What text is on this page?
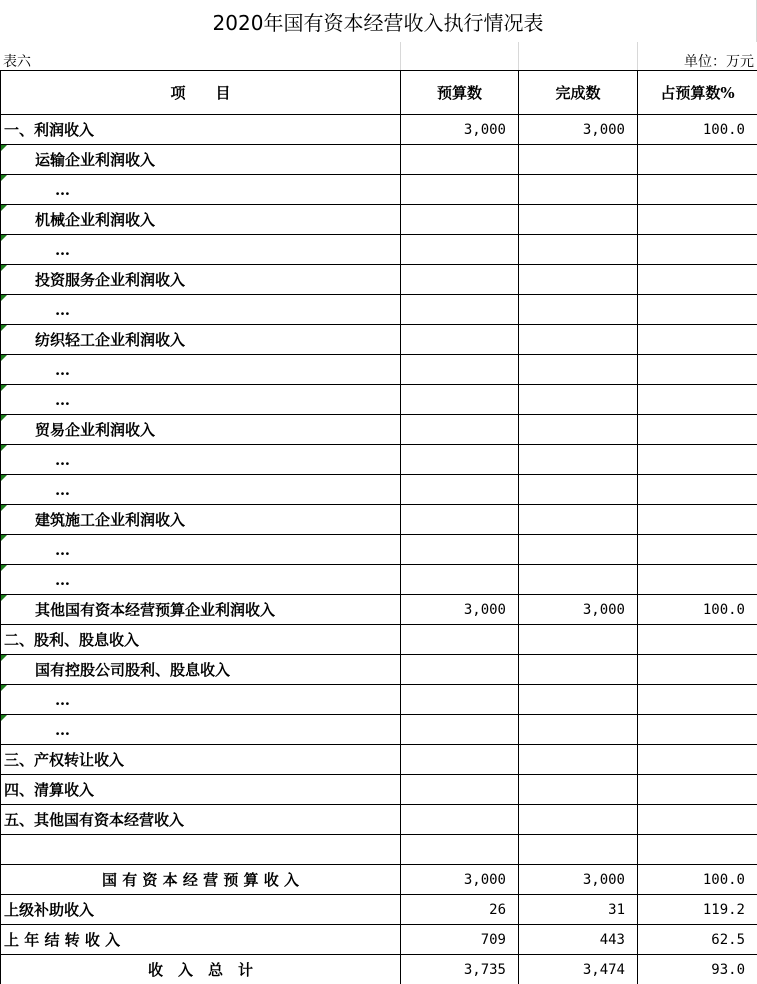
2020年国有资本经营收入执行情况表
表六	单位：万元
项　　目	预算数	完成数	占预算数%
一、利润收入	3,000	3,000	100.0

运输企业利润收入			

…			

机械企业利润收入			

…			

投资服务企业利润收入			

…			

纺织轻工企业利润收入			

…			

…			

贸易企业利润收入			

…			

…			

建筑施工企业利润收入			

…			

…			

其他国有资本经营预算企业利润收入	3,000	3,000	100.0
二、股利、股息收入			

国有控股公司股利、股息收入			

…			

…			
三、产权转让收入			
四、清算收入			
五、其他国有资本经营收入			

国 有 资 本 经 营 预 算 收 入	3,000	3,000	100.0
上级补助收入	26	31	119.2
上 年 结 转 收 入	709	443	62.5
收　入　总　计	3,735	3,474	93.0
